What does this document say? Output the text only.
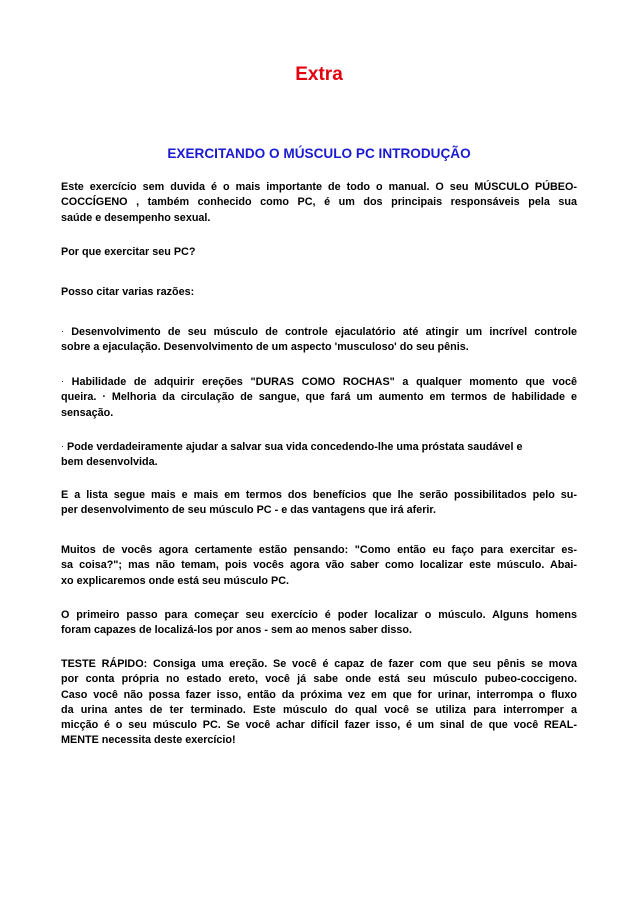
Extra
EXERCITANDO O MÚSCULO PC INTRODUÇÃO

Este exercício sem duvida é o mais importante de todo o manual. O seu MÚSCULO PÚBEO-
COCCÍGENO , também conhecido como PC, é um dos principais responsáveis pela sua
saúde e desempenho sexual.

Por que exercitar seu PC?

Posso citar varias razões:

· Desenvolvimento de seu músculo de controle ejaculatório até atingir um incrível controle
sobre a ejaculação. Desenvolvimento de um aspecto 'musculoso' do seu pênis.

· Habilidade de adquirir ereções "DURAS COMO ROCHAS" a qualquer momento que você
queira. · Melhoria da circulação de sangue, que fará um aumento em termos de habilidade e
sensação.

· Pode verdadeiramente ajudar a salvar sua vida concedendo-lhe uma próstata saudável e
bem desenvolvida.

E a lista segue mais e mais em termos dos benefícios que lhe serão possibilitados pelo su-
per desenvolvimento de seu músculo PC - e das vantagens que irá aferir.

Muitos de vocês agora certamente estão pensando: "Como então eu faço para exercitar es-
sa coisa?"; mas não temam, pois vocês agora vão saber como localizar este músculo. Abai-
xo explicaremos onde está seu músculo PC.

O primeiro passo para começar seu exercício é poder localizar o músculo. Alguns homens
foram capazes de localizá-los por anos - sem ao menos saber disso.

TESTE RÁPIDO: Consiga uma ereção. Se você é capaz de fazer com que seu pênis se mova
por conta própria no estado ereto, você já sabe onde está seu músculo pubeo-coccigeno.
Caso você não possa fazer isso, então da próxima vez em que for urinar, interrompa o fluxo
da urina antes de ter terminado. Este músculo do qual você se utiliza para interromper a
micção é o seu músculo PC. Se você achar difícil fazer isso, é um sinal de que você REAL-
MENTE necessita deste exercício!
